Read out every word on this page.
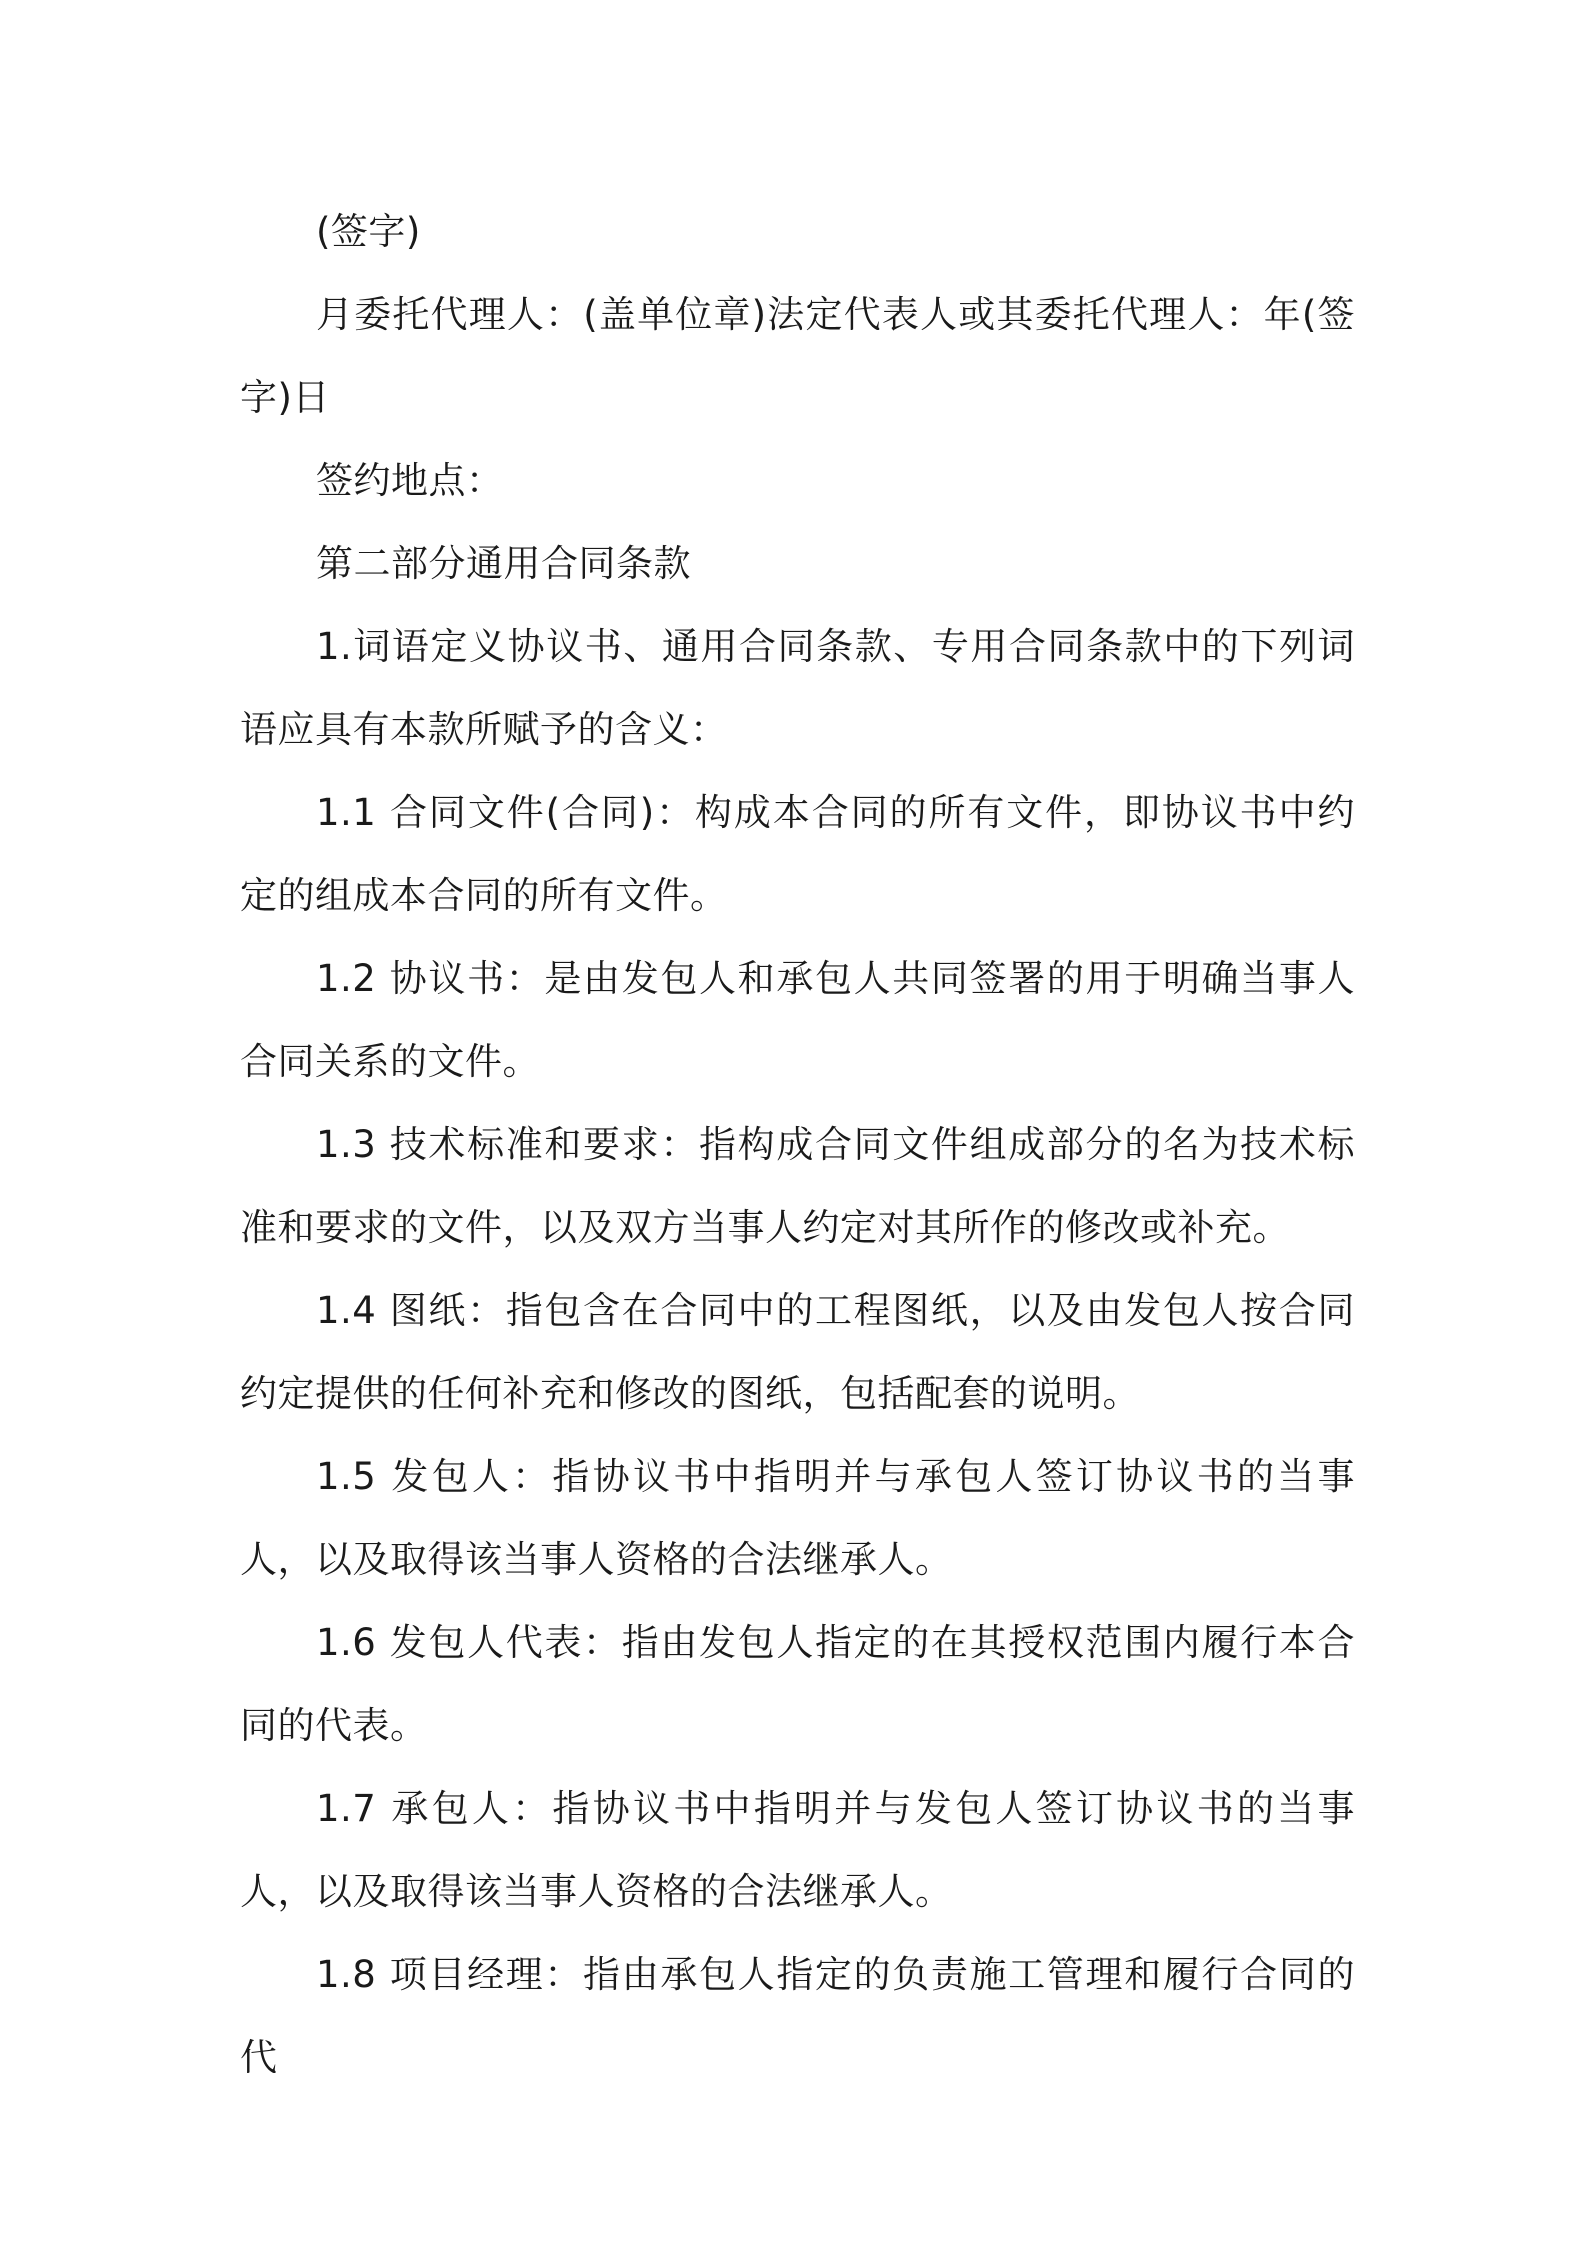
(签字)

月委托代理人：(盖单位章)法定代表人或其委托代理人：年(签字)日

签约地点：

第二部分通用合同条款

1.词语定义协议书、通用合同条款、专用合同条款中的下列词语应具有本款所赋予的含义：

1.1 合同文件(合同)：构成本合同的所有文件，即协议书中约定的组成本合同的所有文件。

1.2 协议书：是由发包人和承包人共同签署的用于明确当事人合同关系的文件。

1.3 技术标准和要求：指构成合同文件组成部分的名为技术标准和要求的文件，以及双方当事人约定对其所作的修改或补充。

1.4 图纸：指包含在合同中的工程图纸，以及由发包人按合同约定提供的任何补充和修改的图纸，包括配套的说明。

1.5 发包人：指协议书中指明并与承包人签订协议书的当事人，以及取得该当事人资格的合法继承人。

1.6 发包人代表：指由发包人指定的在其授权范围内履行本合同的代表。

1.7 承包人：指协议书中指明并与发包人签订协议书的当事人，以及取得该当事人资格的合法继承人。

1.8 项目经理：指由承包人指定的负责施工管理和履行合同的代
